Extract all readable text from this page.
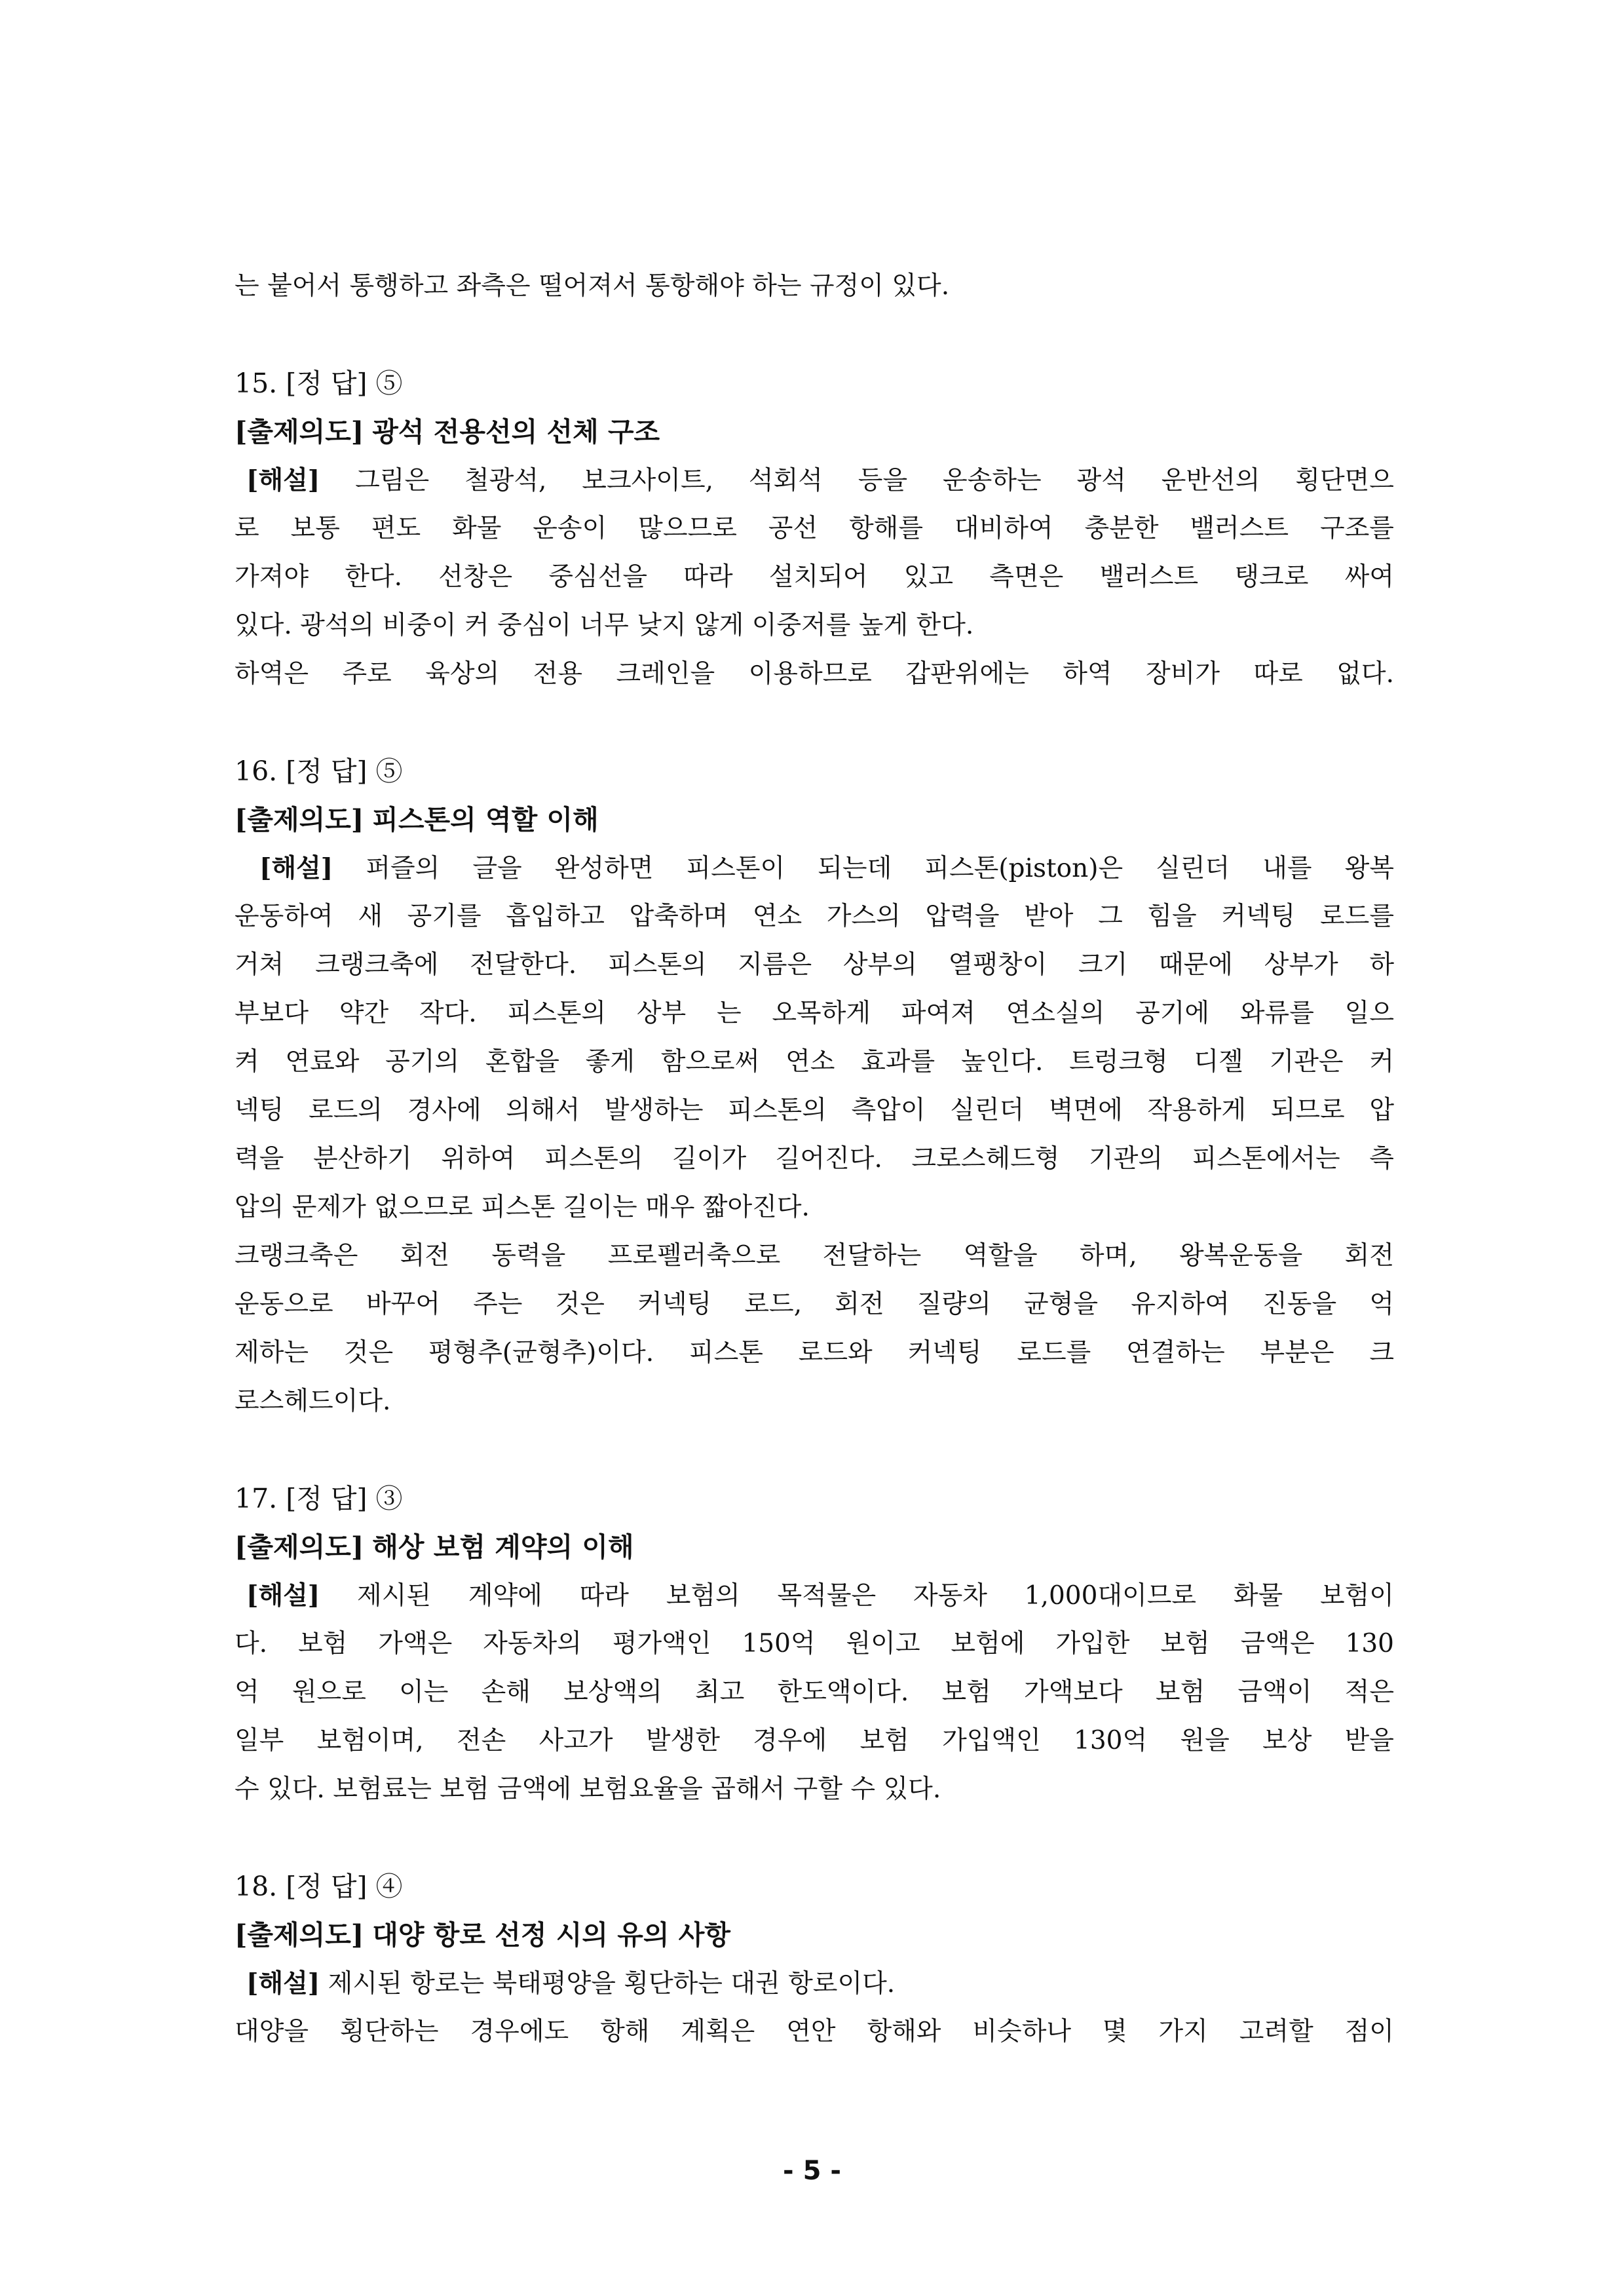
는 붙어서 통행하고 좌측은 떨어져서 통항해야 하는 규정이 있다.
15. [정 답] ⑤
[출제의도] 광석 전용선의 선체 구조
[해설] 그림은 철광석, 보크사이트, 석회석 등을 운송하는 광석 운반선의 횡단면으
로 보통 편도 화물 운송이 많으므로 공선 항해를 대비하여 충분한 밸러스트 구조를
가져야 한다. 선창은 중심선을 따라 설치되어 있고 측면은 밸러스트 탱크로 싸여
있다. 광석의 비중이 커 중심이 너무 낮지 않게 이중저를 높게 한다.
하역은 주로 육상의 전용 크레인을 이용하므로 갑판위에는 하역 장비가 따로 없다.
16. [정 답] ⑤
[출제의도] 피스톤의 역할 이해
[해설] 퍼즐의 글을 완성하면 피스톤이 되는데 피스톤(piston)은 실린더 내를 왕복
운동하여 새 공기를 흡입하고 압축하며 연소 가스의 압력을 받아 그 힘을 커넥팅 로드를
거쳐 크랭크축에 전달한다. 피스톤의 지름은 상부의 열팽창이 크기 때문에 상부가 하
부보다 약간 작다. 피스톤의 상부 는 오목하게 파여져 연소실의 공기에 와류를 일으
켜 연료와 공기의 혼합을 좋게 함으로써 연소 효과를 높인다. 트렁크형 디젤 기관은 커
넥팅 로드의 경사에 의해서 발생하는 피스톤의 측압이 실린더 벽면에 작용하게 되므로 압
력을 분산하기 위하여 피스톤의 길이가 길어진다. 크로스헤드형 기관의 피스톤에서는 측
압의 문제가 없으므로 피스톤 길이는 매우 짧아진다.
크랭크축은 회전 동력을 프로펠러축으로 전달하는 역할을 하며, 왕복운동을 회전
운동으로 바꾸어 주는 것은 커넥팅 로드, 회전 질량의 균형을 유지하여 진동을 억
제하는 것은 평형추(균형추)이다. 피스톤 로드와 커넥팅 로드를 연결하는 부분은 크
로스헤드이다.
17. [정 답] ③
[출제의도] 해상 보험 계약의 이해
[해설] 제시된 계약에 따라 보험의 목적물은 자동차 1,000대이므로 화물 보험이
다. 보험 가액은 자동차의 평가액인 150억 원이고 보험에 가입한 보험 금액은 130
억 원으로 이는 손해 보상액의 최고 한도액이다. 보험 가액보다 보험 금액이 적은
일부 보험이며, 전손 사고가 발생한 경우에 보험 가입액인 130억 원을 보상 받을
수 있다. 보험료는 보험 금액에 보험요율을 곱해서 구할 수 있다.
18. [정 답] ④
[출제의도] 대양 항로 선정 시의 유의 사항
[해설] 제시된 항로는 북태평양을 횡단하는 대권 항로이다.
대양을 횡단하는 경우에도 항해 계획은 연안 항해와 비슷하나 몇 가지 고려할 점이
- 5 -
